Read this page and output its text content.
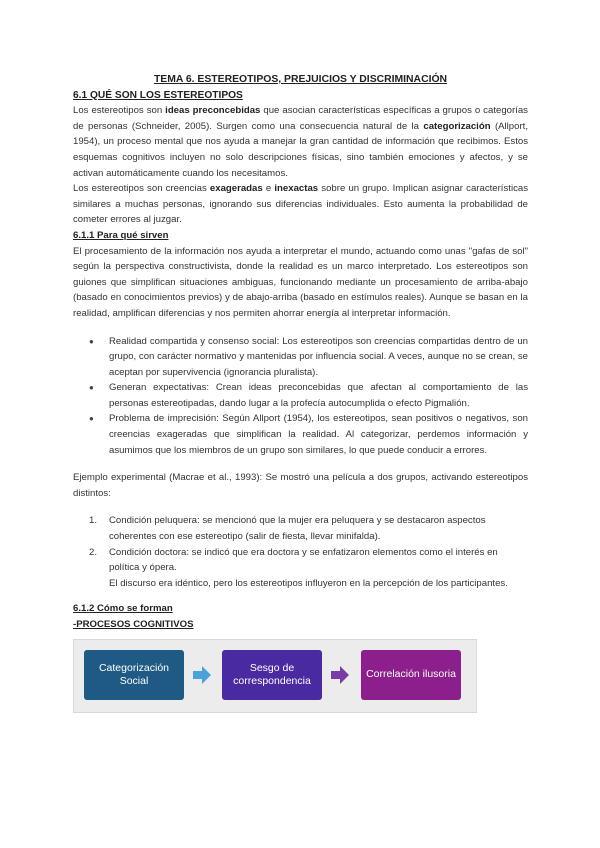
TEMA 6. ESTEREOTIPOS, PREJUICIOS Y DISCRIMINACIÓN

6.1 QUÉ SON LOS ESTEREOTIPOS

Los estereotipos son ideas preconcebidas que asocian características específicas a grupos o categorías de personas (Schneider, 2005). Surgen como una consecuencia natural de la categorización (Allport, 1954), un proceso mental que nos ayuda a manejar la gran cantidad de información que recibimos. Estos esquemas cognitivos incluyen no solo descripciones físicas, sino también emociones y afectos, y se activan automáticamente cuando los necesitamos.

Los estereotipos son creencias exageradas e inexactas sobre un grupo. Implican asignar características similares a muchas personas, ignorando sus diferencias individuales. Esto aumenta la probabilidad de cometer errores al juzgar.

6.1.1 Para qué sirven

El procesamiento de la información nos ayuda a interpretar el mundo, actuando como unas "gafas de sol" según la perspectiva constructivista, donde la realidad es un marco interpretado. Los estereotipos son guiones que simplifican situaciones ambiguas, funcionando mediante un procesamiento de arriba-abajo (basado en conocimientos previos) y de abajo-arriba (basado en estímulos reales). Aunque se basan en la realidad, amplifican diferencias y nos permiten ahorrar energía al interpretar información.

● Realidad compartida y consenso social: Los estereotipos son creencias compartidas dentro de un grupo, con carácter normativo y mantenidas por influencia social. A veces, aunque no se crean, se aceptan por supervivencia (ignorancia pluralista).
● Generan expectativas: Crean ideas preconcebidas que afectan al comportamiento de las personas estereotipadas, dando lugar a la profecía autocumplida o efecto Pigmalión.
● Problema de imprecisión: Según Allport (1954), los estereotipos, sean positivos o negativos, son creencias exageradas que simplifican la realidad. Al categorizar, perdemos información y asumimos que los miembros de un grupo son similares, lo que puede conducir a errores.

Ejemplo experimental (Macrae et al., 1993): Se mostró una película a dos grupos, activando estereotipos distintos:

1. Condición peluquera: se mencionó que la mujer era peluquera y se destacaron aspectos coherentes con ese estereotipo (salir de fiesta, llevar minifalda).
2. Condición doctora: se indicó que era doctora y se enfatizaron elementos como el interés en política y ópera.
El discurso era idéntico, pero los estereotipos influyeron en la percepción de los participantes.

6.1.2 Cómo se forman

-PROCESOS COGNITIVOS

Categorización Social
Sesgo de correspondencia
Correlación ilusoria
